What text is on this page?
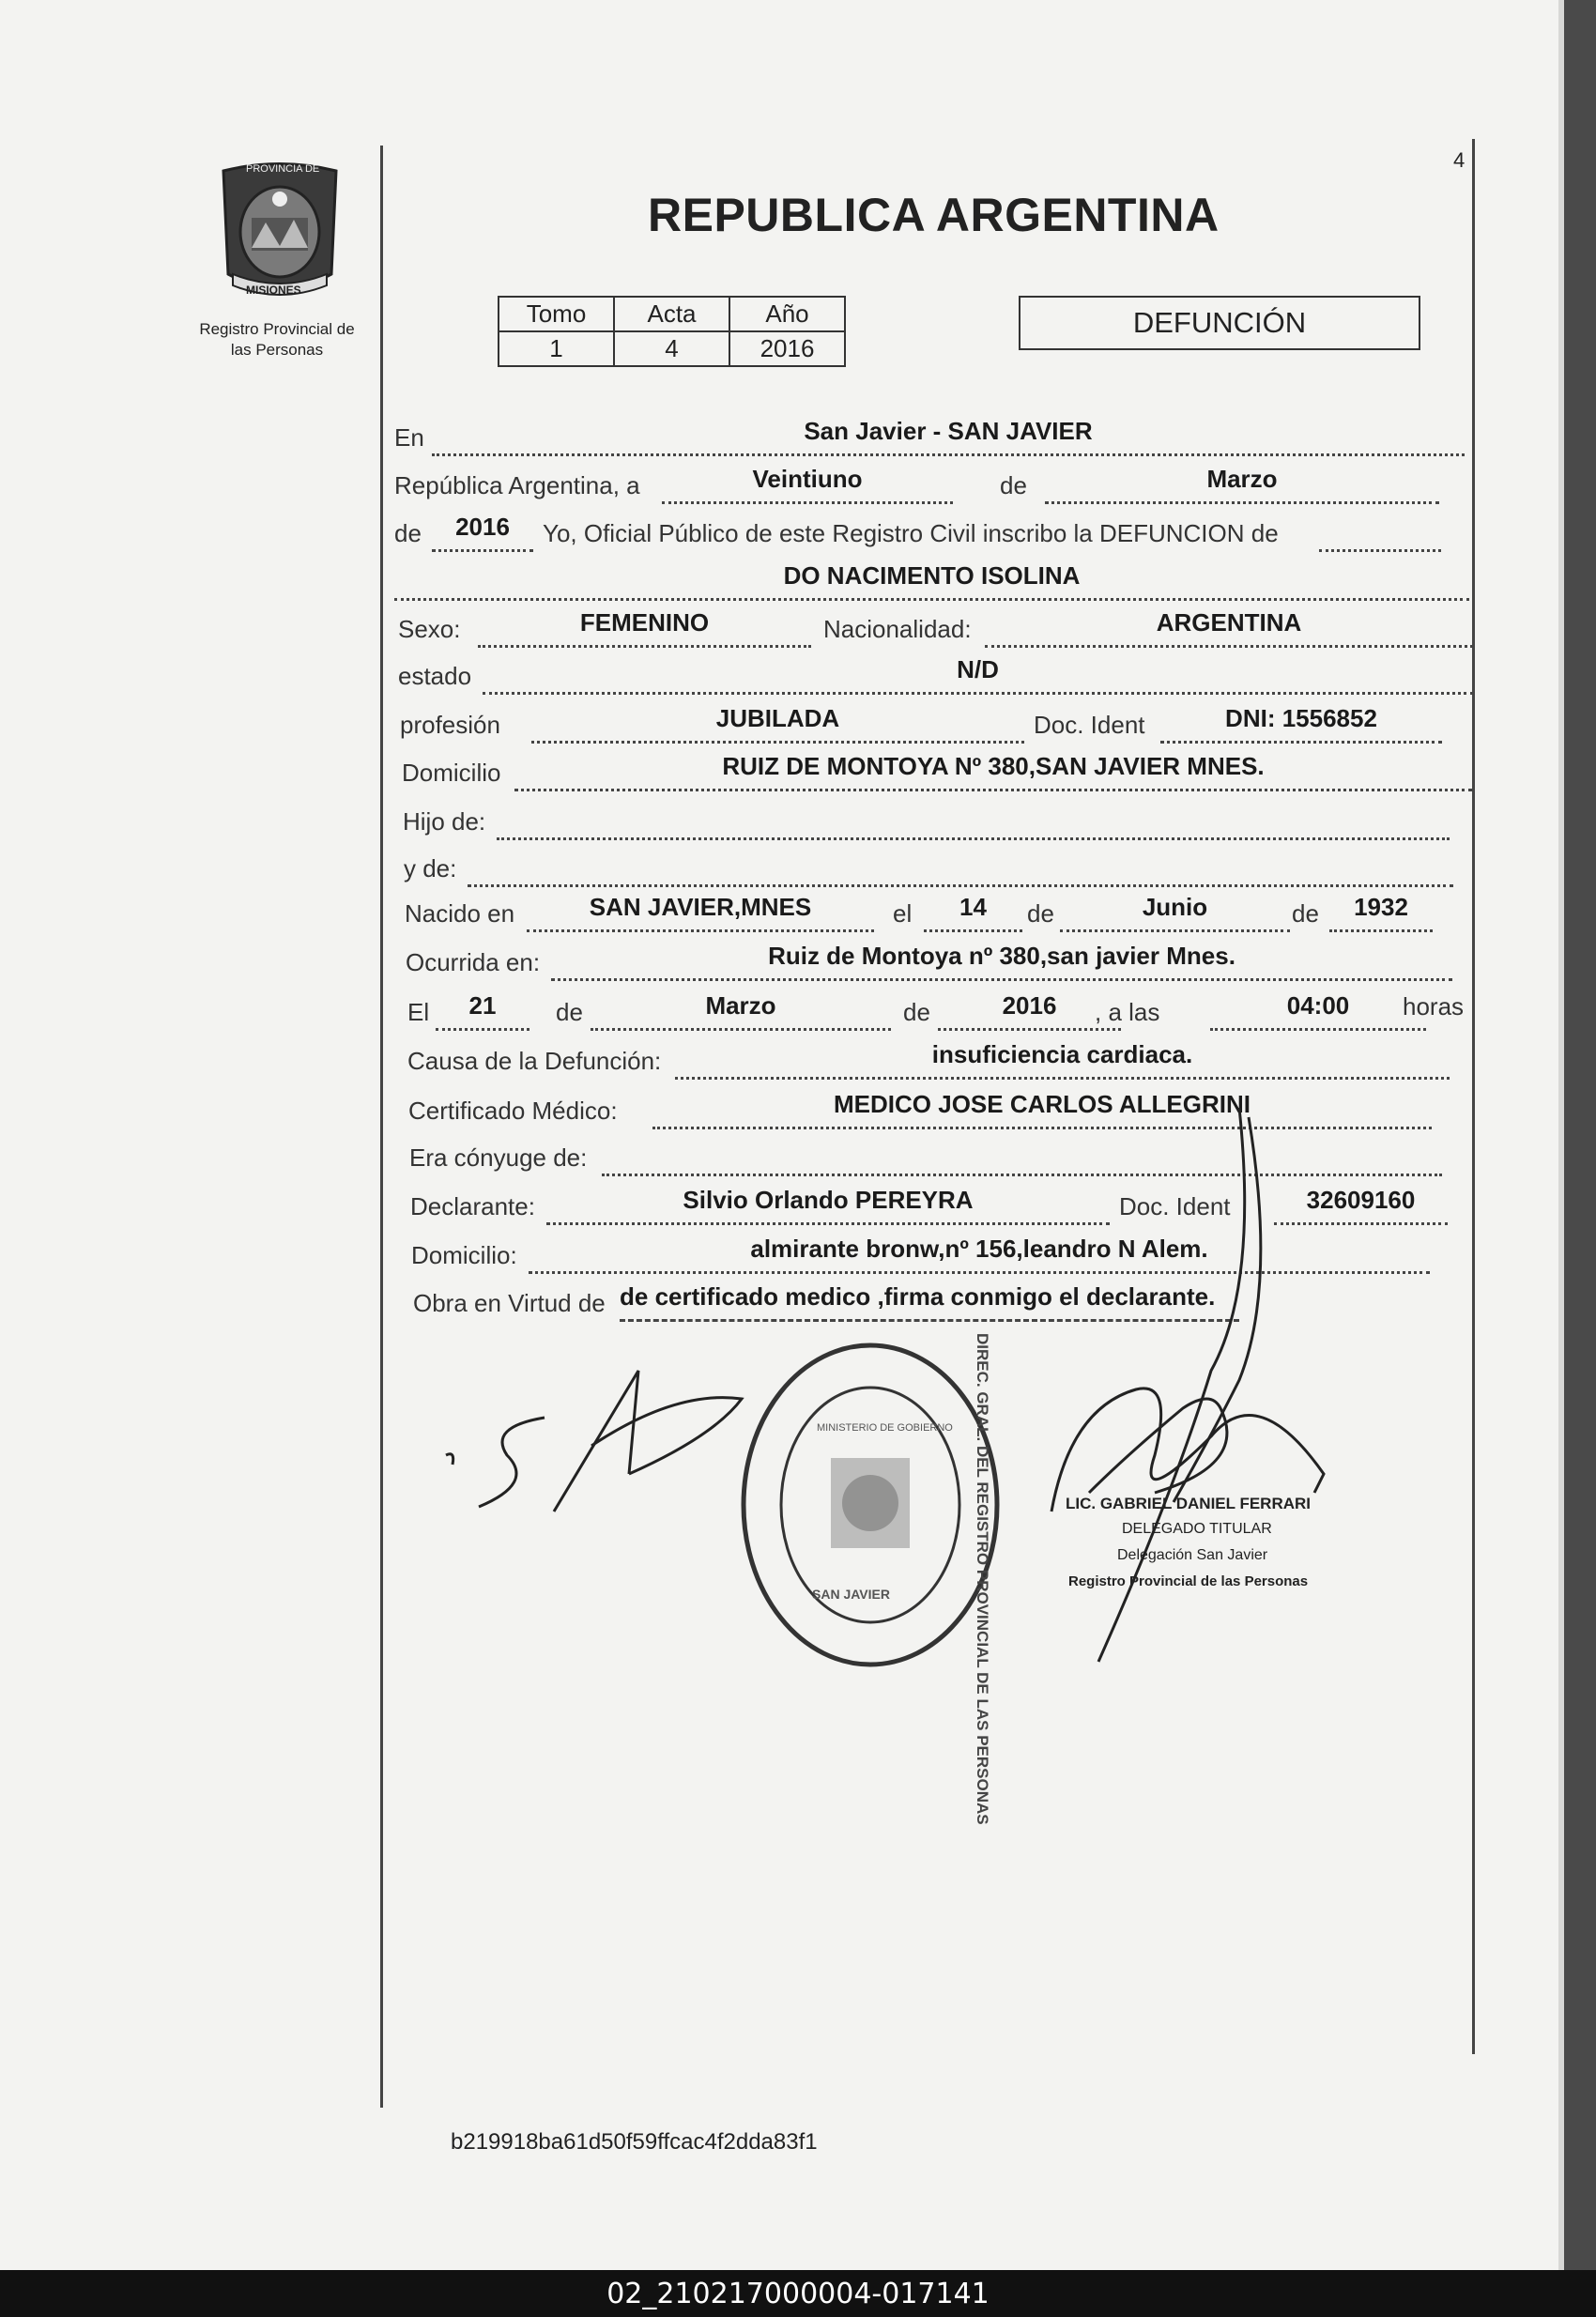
PROVINCIA DE
MISIONES
Registro Provincial de
las Personas
REPUBLICA ARGENTINA
4
Tomo	Acta	Año
1	4	2016
DEFUNCIÓN
En	San Javier - SAN JAVIER
República Argentina, a	Veintiuno	de	Marzo
de	2016	Yo, Oficial Público de este Registro Civil inscribo la DEFUNCION de
DO NACIMENTO ISOLINA
Sexo:	FEMENINO	Nacionalidad:	ARGENTINA
estado	N/D
profesión	JUBILADA	Doc. Ident	DNI: 1556852
Domicilio	RUIZ DE MONTOYA Nº 380,SAN JAVIER MNES.
Hijo de:
y de:
Nacido en	SAN JAVIER,MNES	el	14	de	Junio	de	1932
Ocurrida en:	Ruiz de Montoya nº 380,san javier Mnes.
El	21	de	Marzo	de	2016	, a las	04:00	horas
Causa de la Defunción:	insuficiencia cardiaca.
Certificado Médico:	MEDICO JOSE CARLOS ALLEGRINI
Era cónyuge de:
Declarante:	Silvio Orlando PEREYRA	Doc. Ident	32609160
Domicilio:	almirante bronw,nº 156,leandro N Alem.
Obra en Virtud de de certificado medico ,firma conmigo el declarante.
DIREC. GRAL. DEL REGISTRO PROVINCIAL DE LAS PERSONAS
MINISTERIO DE GOBIERNO
SAN JAVIER
LIC. GABRIEL DANIEL FERRARI
DELEGADO TITULAR
Delegación San Javier
Registro Provincial de las Personas
b219918ba61d50f59ffcac4f2dda83f1
02_210217000004-017141
